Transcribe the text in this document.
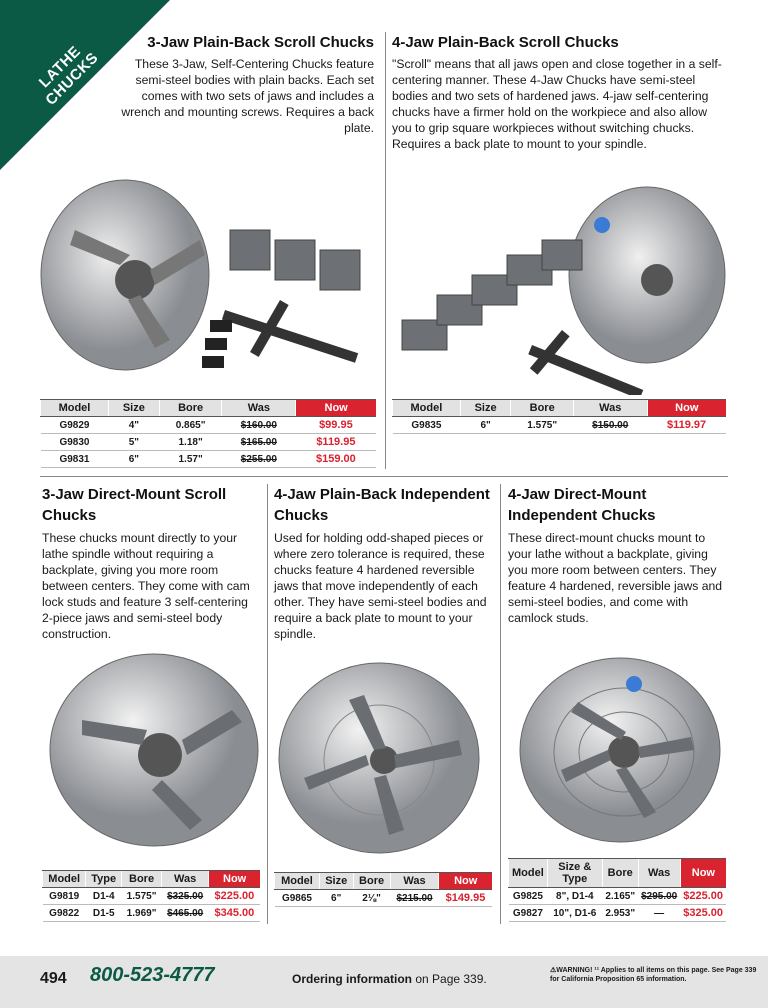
LATHE CHUCKS
3-Jaw Plain-Back Scroll Chucks

These 3-Jaw, Self-Centering Chucks feature semi-steel bodies with plain backs. Each set comes with two sets of jaws and includes a wrench and mounting screws. Requires a back plate.

Model	Size	Bore	Was	Now
G9829	4"	0.865"	$160.00	$99.95
G9830	5"	1.18"	$165.00	$119.95
G9831	6"	1.57"	$255.00	$159.00
4-Jaw Plain-Back Scroll Chucks

"Scroll" means that all jaws open and close together in a self-centering manner. These 4-Jaw Chucks have semi-steel bodies and two sets of hardened jaws. 4-jaw self-centering chucks have a firmer hold on the workpiece and also allow you to grip square workpieces without switching chucks. Requires a back plate to mount to your spindle.

Model	Size	Bore	Was	Now
G9835	6"	1.575"	$150.00	$119.97
3-Jaw Direct-Mount Scroll Chucks

These chucks mount directly to your lathe spindle without requiring a backplate, giving you more room between centers. They come with cam lock studs and feature 3 self-centering 2-piece jaws and semi-steel body construction.

Model	Type	Bore	Was	Now
G9819	D1-4	1.575"	$325.00	$225.00
G9822	D1-5	1.969"	$465.00	$345.00
4-Jaw Plain-Back Independent Chucks

Used for holding odd-shaped pieces or where zero tolerance is required, these chucks feature 4 hardened reversible jaws that move independently of each other. They have semi-steel bodies and require a back plate to mount to your spindle.

Model	Size	Bore	Was	Now
G9865	6"	2⅛"	$215.00	$149.95
4-Jaw Direct-Mount Independent Chucks

These direct-mount chucks mount to your lathe without a backplate, giving you more room between centers. They feature 4 hardened, reversible jaws and semi-steel bodies, and come with camlock studs.

Model	Size & Type	Bore	Was	Now
G9825	8", D1-4	2.165"	$295.00	$225.00
G9827	10", D1-6	2.953"	—	$325.00
494 800-523-4777	Ordering information on Page 339.
⚠WARNING! ¹¹ Applies to all items on this page. See Page 339 for California Proposition 65 information.
